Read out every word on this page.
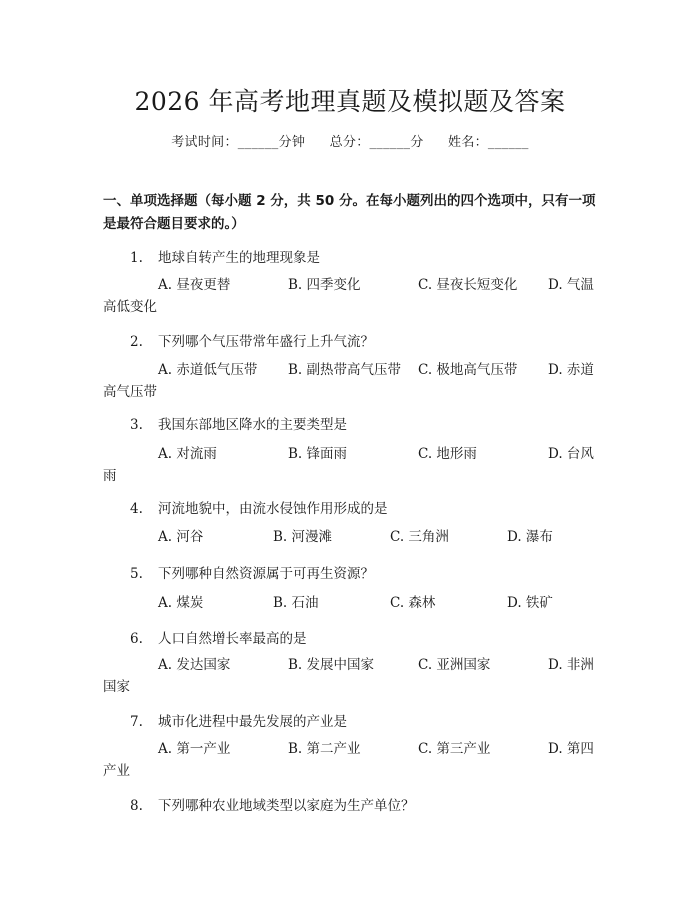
2026 年高考地理真题及模拟题及答案
考试时间：______分钟 总分：______分 姓名：______
一、单项选择题（每小题 2 分，共 50 分。在每小题列出的四个选项中，只有一项是最符合题目要求的。）
1. 地球自转产生的地理现象是
A. 昼夜更替	B. 四季变化	C. 昼夜长短变化 D. 气温
高低变化
2. 下列哪个气压带常年盛行上升气流？
A. 赤道低气压带 B. 副热带高气压带 C. 极地高气压带 D. 赤道
高气压带
3. 我国东部地区降水的主要类型是
A. 对流雨	B. 锋面雨	C. 地形雨	D. 台风
雨
4. 河流地貌中，由流水侵蚀作用形成的是
A. 河谷	B. 河漫滩	C. 三角洲	D. 瀑布
5. 下列哪种自然资源属于可再生资源？
A. 煤炭	B. 石油	C. 森林	D. 铁矿
6. 人口自然增长率最高的是
A. 发达国家	B. 发展中国家	C. 亚洲国家	D. 非洲
国家
7. 城市化进程中最先发展的产业是
A. 第一产业	B. 第二产业	C. 第三产业	D. 第四
产业
8. 下列哪种农业地域类型以家庭为生产单位？
